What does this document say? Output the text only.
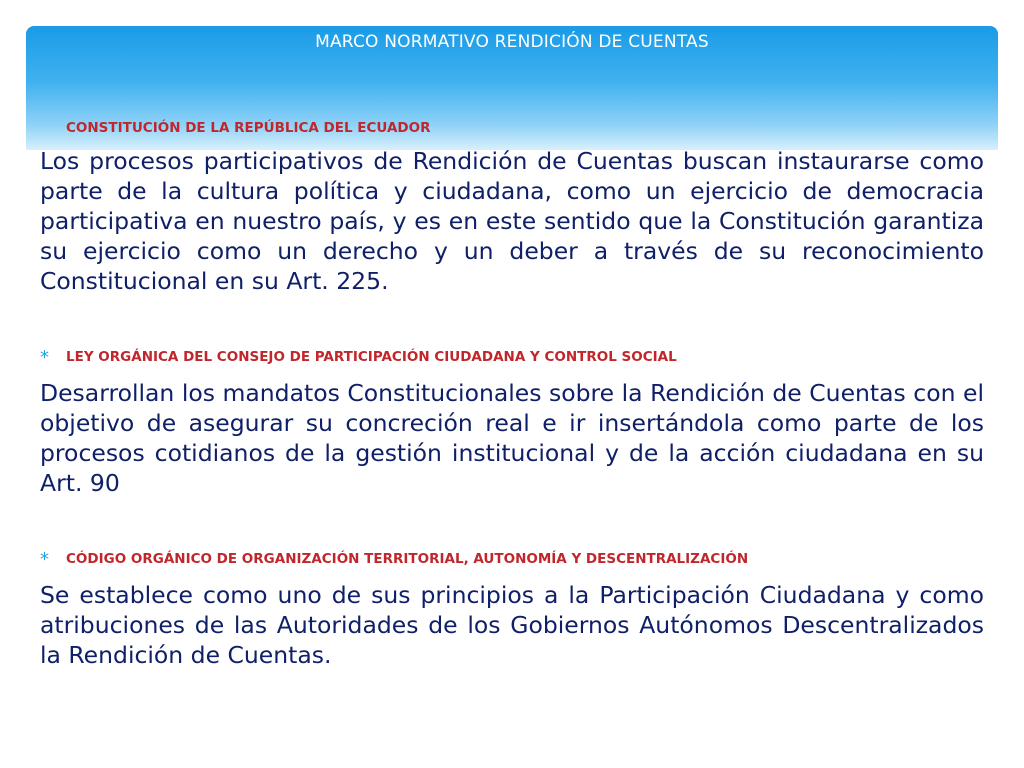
MARCO NORMATIVO RENDICIÓN DE CUENTAS
CONSTITUCIÓN DE LA REPÚBLICA DEL ECUADOR
Los procesos participativos de Rendición de Cuentas buscan instaurarse como parte de la cultura política y ciudadana, como un ejercicio de democracia participativa en nuestro país, y es en este sentido que la Constitución garantiza su ejercicio como un derecho y un deber a través de su reconocimiento Constitucional en su Art. 225.
* LEY ORGÁNICA DEL CONSEJO DE PARTICIPACIÓN CIUDADANA Y CONTROL SOCIAL
Desarrollan los mandatos Constitucionales sobre la Rendición de Cuentas con el objetivo de asegurar su concreción real e ir insertándola como parte de los procesos cotidianos de la gestión institucional y de la acción ciudadana en su Art. 90
* CÓDIGO ORGÁNICO DE ORGANIZACIÓN TERRITORIAL, AUTONOMÍA Y DESCENTRALIZACIÓN
Se establece como uno de sus principios a la Participación Ciudadana y como atribuciones de las Autoridades de los Gobiernos Autónomos Descentralizados la Rendición de Cuentas.
